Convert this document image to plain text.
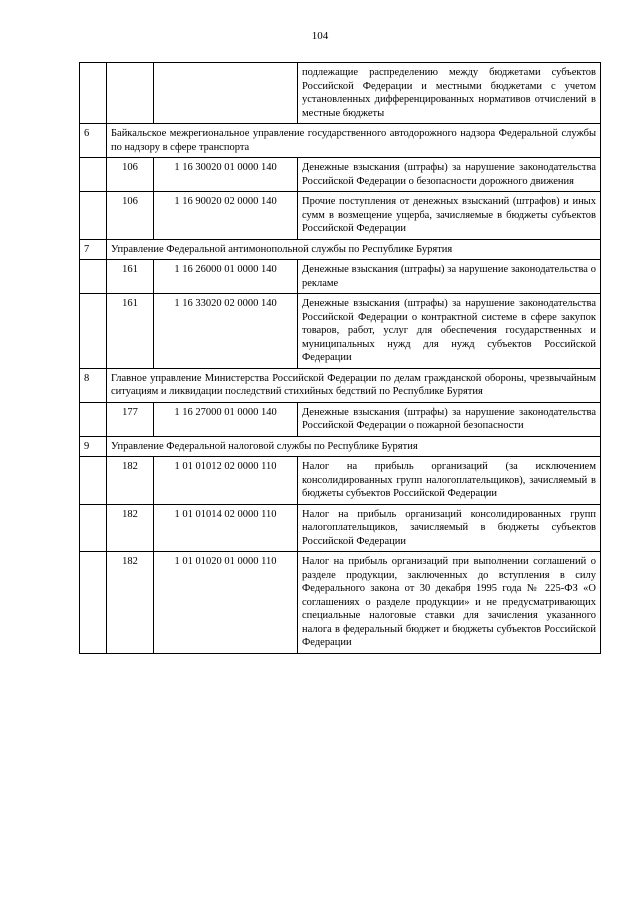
104
			подлежащие распределению между бюджетами субъектов Российской Федерации и местными бюджетами с учетом установленных дифференцированных нормативов отчислений в местные бюджеты
6	Байкальское межрегиональное управление государственного автодорожного надзора Федеральной службы по надзору в сфере транспорта		
	106	1 16 30020 01 0000 140	Денежные взыскания (штрафы) за нарушение законодательства Российской Федерации о безопасности дорожного движения
	106	1 16 90020 02 0000 140	Прочие поступления от денежных взысканий (штрафов) и иных сумм в возмещение ущерба, зачисляемые в бюджеты субъектов Российской Федерации
7	Управление Федеральной антимонопольной службы по Республике Бурятия		
	161	1 16 26000 01 0000 140	Денежные взыскания (штрафы) за нарушение законодательства о рекламе
	161	1 16 33020 02 0000 140	Денежные взыскания (штрафы) за нарушение законодательства Российской Федерации о контрактной системе в сфере закупок товаров, работ, услуг для обеспечения государственных и муниципальных нужд для нужд субъектов Российской Федерации
8	Главное управление Министерства Российской Федерации по делам гражданской обороны, чрезвычайным ситуациям и ликвидации последствий стихийных бедствий по Республике Бурятия		
	177	1 16 27000 01 0000 140	Денежные взыскания (штрафы) за нарушение законодательства Российской Федерации о пожарной безопасности
9	Управление Федеральной налоговой службы по Республике Бурятия		
	182	1 01 01012 02 0000 110	Налог на прибыль организаций (за исключением консолидированных групп налогоплательщиков), зачисляемый в бюджеты субъектов Российской Федерации
	182	1 01 01014 02 0000 110	Налог на прибыль организаций консолидированных групп налогоплательщиков, зачисляемый в бюджеты субъектов Российской Федерации
	182	1 01 01020 01 0000 110	Налог на прибыль организаций при выполнении соглашений о разделе продукции, заключенных до вступления в силу Федерального закона от 30 декабря 1995 года № 225-ФЗ «О соглашениях о разделе продукции» и не предусматривающих специальные налоговые ставки для зачисления указанного налога в федеральный бюджет и бюджеты субъектов Российской Федерации
